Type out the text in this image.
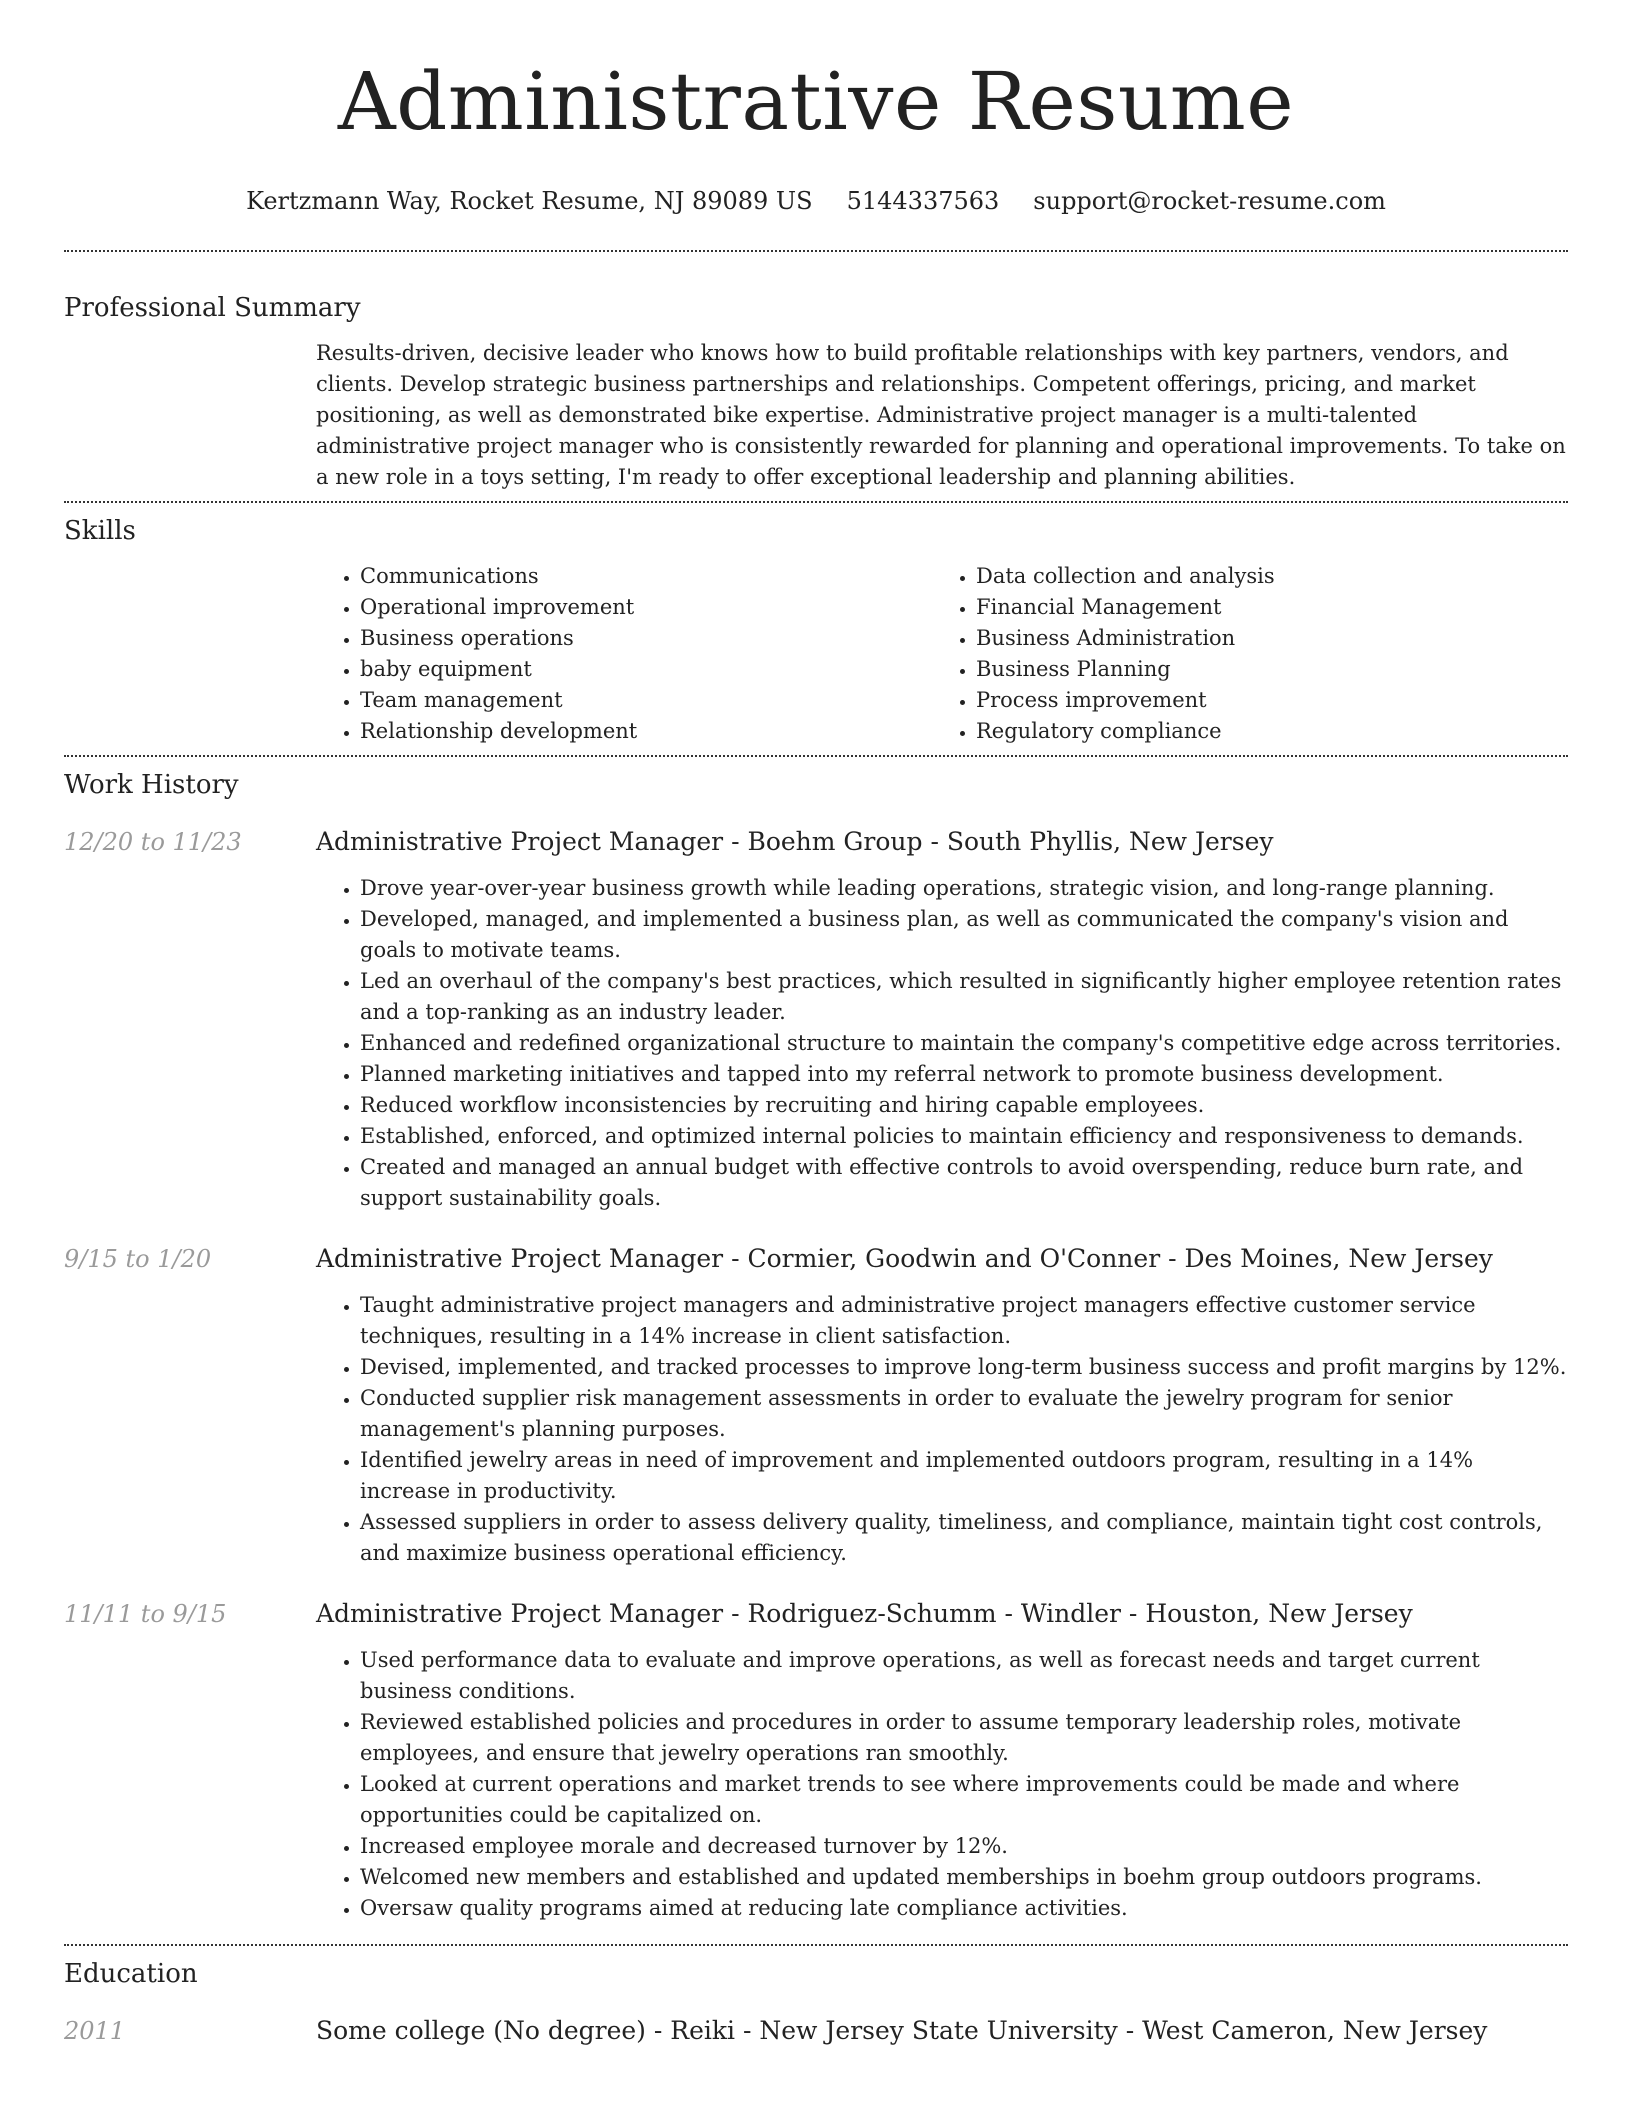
Administrative Resume
Kertzmann Way, Rocket Resume, NJ 89089 US 5144337563 support@rocket-resume.com
Professional Summary

Results-driven, decisive leader who knows how to build profitable relationships with key partners, vendors, and clients. Develop strategic business partnerships and relationships. Competent offerings, pricing, and market positioning, as well as demonstrated bike expertise. Administrative project manager is a multi-talented administrative project manager who is consistently rewarded for planning and operational improvements. To take on a new role in a toys setting, I'm ready to offer exceptional leadership and planning abilities.

Skills
• Communications
• Operational improvement
• Business operations
• baby equipment
• Team management
• Relationship development
• Data collection and analysis
• Financial Management
• Business Administration
• Business Planning
• Process improvement
• Regulatory compliance
Work History
12/20 to 11/23	Administrative Project Manager - Boehm Group - South Phyllis, New Jersey
• Drove year-over-year business growth while leading operations, strategic vision, and long-range planning.
• Developed, managed, and implemented a business plan, as well as communicated the company's vision and goals to motivate teams.
• Led an overhaul of the company's best practices, which resulted in significantly higher employee retention rates and a top-ranking as an industry leader.
• Enhanced and redefined organizational structure to maintain the company's competitive edge across territories.
• Planned marketing initiatives and tapped into my referral network to promote business development.
• Reduced workflow inconsistencies by recruiting and hiring capable employees.
• Established, enforced, and optimized internal policies to maintain efficiency and responsiveness to demands.
• Created and managed an annual budget with effective controls to avoid overspending, reduce burn rate, and support sustainability goals.
9/15 to 1/20	Administrative Project Manager - Cormier, Goodwin and O'Conner - Des Moines, New Jersey
• Taught administrative project managers and administrative project managers effective customer service techniques, resulting in a 14% increase in client satisfaction.
• Devised, implemented, and tracked processes to improve long-term business success and profit margins by 12%.
• Conducted supplier risk management assessments in order to evaluate the jewelry program for senior management's planning purposes.
• Identified jewelry areas in need of improvement and implemented outdoors program, resulting in a 14% increase in productivity.
• Assessed suppliers in order to assess delivery quality, timeliness, and compliance, maintain tight cost controls, and maximize business operational efficiency.
11/11 to 9/15	Administrative Project Manager - Rodriguez-Schumm - Windler - Houston, New Jersey
• Used performance data to evaluate and improve operations, as well as forecast needs and target current business conditions.
• Reviewed established policies and procedures in order to assume temporary leadership roles, motivate employees, and ensure that jewelry operations ran smoothly.
• Looked at current operations and market trends to see where improvements could be made and where opportunities could be capitalized on.
• Increased employee morale and decreased turnover by 12%.
• Welcomed new members and established and updated memberships in boehm group outdoors programs.
• Oversaw quality programs aimed at reducing late compliance activities.
Education
2011	Some college (No degree) - Reiki - New Jersey State University - West Cameron, New Jersey
